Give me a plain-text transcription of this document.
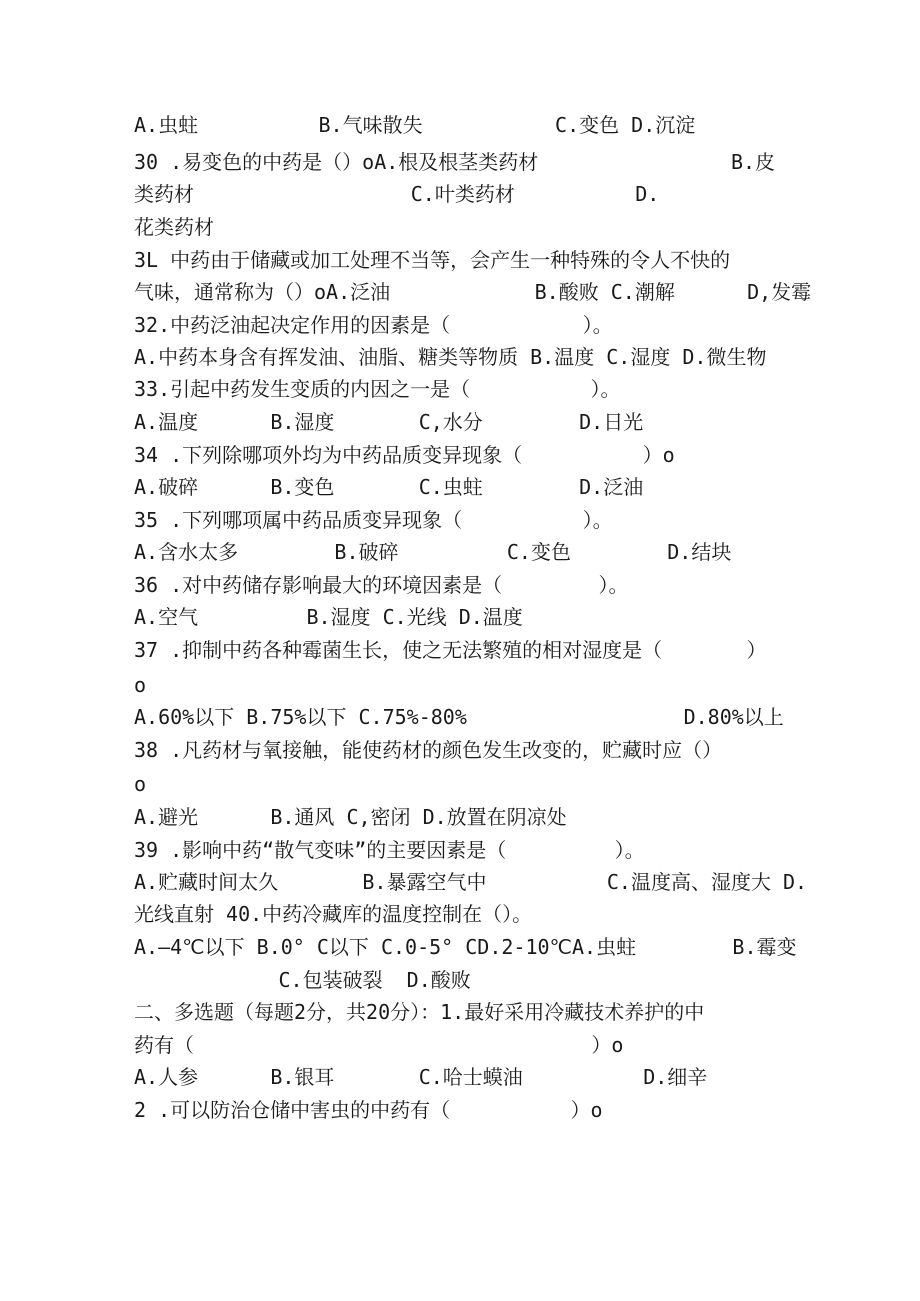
A.虫蛀          B.气味散失           C.变色 D.沉淀
30 .易变色的中药是（）oA.根及根茎类药材                B.皮
类药材                  C.叶类药材          D.
花类药材
3L 中药由于储藏或加工处理不当等，会产生一种特殊的令人不快的
气味，通常称为（）oA.泛油            B.酸败 C.潮解      D,发霉
32.中药泛油起决定作用的因素是（           ）。
A.中药本身含有挥发油、油脂、糖类等物质 B.温度 C.湿度 D.微生物
33.引起中药发生变质的内因之一是（          ）。
A.温度      B.湿度       C,水分        D.日光
34 .下列除哪项外均为中药品质变异现象（          ）o
A.破碎      B.变色       C.虫蛀        D.泛油
35 .下列哪项属中药品质变异现象（          ）。
A.含水太多        B.破碎         C.变色        D.结块
36 .对中药储存影响最大的环境因素是（        ）。
A.空气         B.湿度 C.光线 D.温度
37 .抑制中药各种霉菌生长，使之无法繁殖的相对湿度是（       ）
o
A.60%以下 B.75%以下 C.75%-80%                  D.80%以上
38 .凡药材与氧接触，能使药材的颜色发生改变的，贮藏时应（）
o
A.避光      B.通风 C,密闭 D.放置在阴凉处
39 .影响中药“散气变味”的主要因素是（         ）。
A.贮藏时间太久       B.暴露空气中          C.温度高、湿度大 D.
光线直射 40.中药冷藏库的温度控制在（）。
A.—4℃以下 B.0° C以下 C.0-5° CD.2-10℃A.虫蛀        B.霉变
C.包装破裂  D.酸败
二、多选题（每题2分，共20分）：1.最好采用冷藏技术养护的中
药有（                                 ）o
A.人参      B.银耳       C.哈士蟆油          D.细辛
2 .可以防治仓储中害虫的中药有（          ）o
